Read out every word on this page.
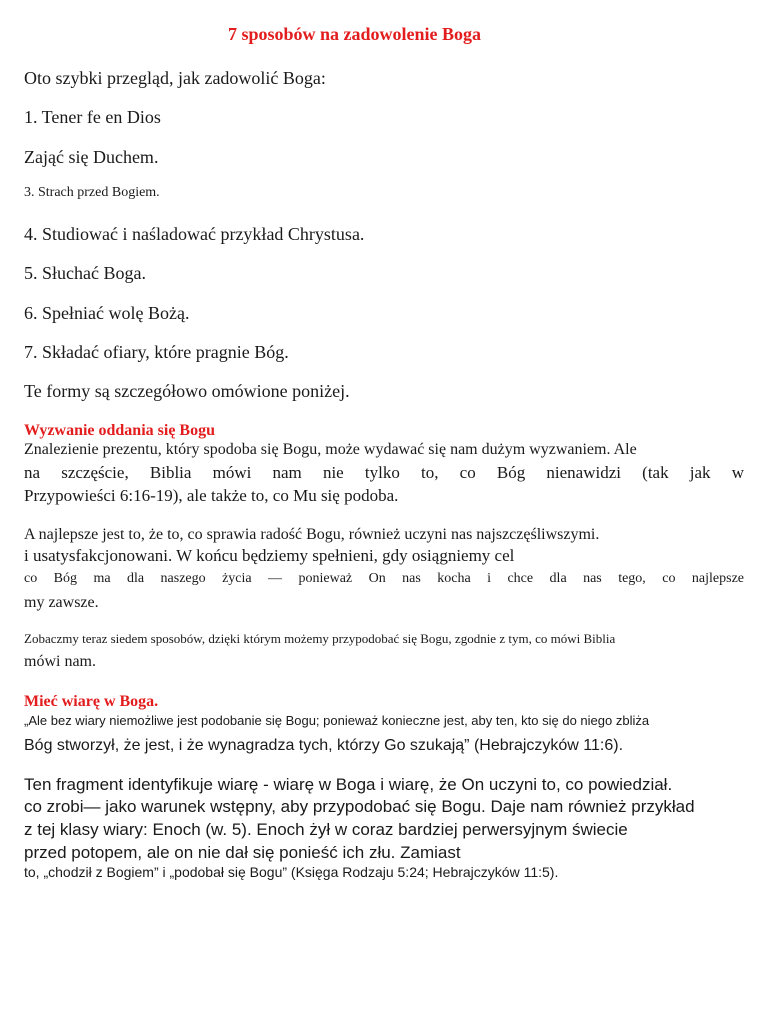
7 sposobów na zadowolenie Boga
Oto szybki przegląd, jak zadowolić Boga:
1. Tener fe en Dios
Zająć się Duchem.
3. Strach przed Bogiem.
4. Studiować i naśladować przykład Chrystusa.
5. Słuchać Boga.
6. Spełniać wolę Bożą.
7. Składać ofiary, które pragnie Bóg.
Te formy są szczegółowo omówione poniżej.
Wyzwanie oddania się Bogu
Znalezienie prezentu, który spodoba się Bogu, może wydawać się nam dużym wyzwaniem. Ale
na szczęście, Biblia mówi nam nie tylko to, co Bóg nienawidzi (tak jak w
Przypowieści 6:16-19), ale także to, co Mu się podoba.
A najlepsze jest to, że to, co sprawia radość Bogu, również uczyni nas najszczęśliwszymi.
i usatysfakcjonowani. W końcu będziemy spełnieni, gdy osiągniemy cel
co Bóg ma dla naszego życia — ponieważ On nas kocha i chce dla nas tego, co najlepsze
my zawsze.
Zobaczmy teraz siedem sposobów, dzięki którym możemy przypodobać się Bogu, zgodnie z tym, co mówi Biblia
mówi nam.
Mieć wiarę w Boga.
„Ale bez wiary niemożliwe jest podobanie się Bogu; ponieważ konieczne jest, aby ten, kto się do niego zbliża
Bóg stworzył, że jest, i że wynagradza tych, którzy Go szukają” (Hebrajczyków 11:6).
Ten fragment identyfikuje wiarę - wiarę w Boga i wiarę, że On uczyni to, co powiedział.
co zrobi— jako warunek wstępny, aby przypodobać się Bogu. Daje nam również przykład
z tej klasy wiary: Enoch (w. 5). Enoch żył w coraz bardziej perwersyjnym świecie
przed potopem, ale on nie dał się ponieść ich złu. Zamiast
to, „chodził z Bogiem” i „podobał się Bogu” (Księga Rodzaju 5:24; Hebrajczyków 11:5).
